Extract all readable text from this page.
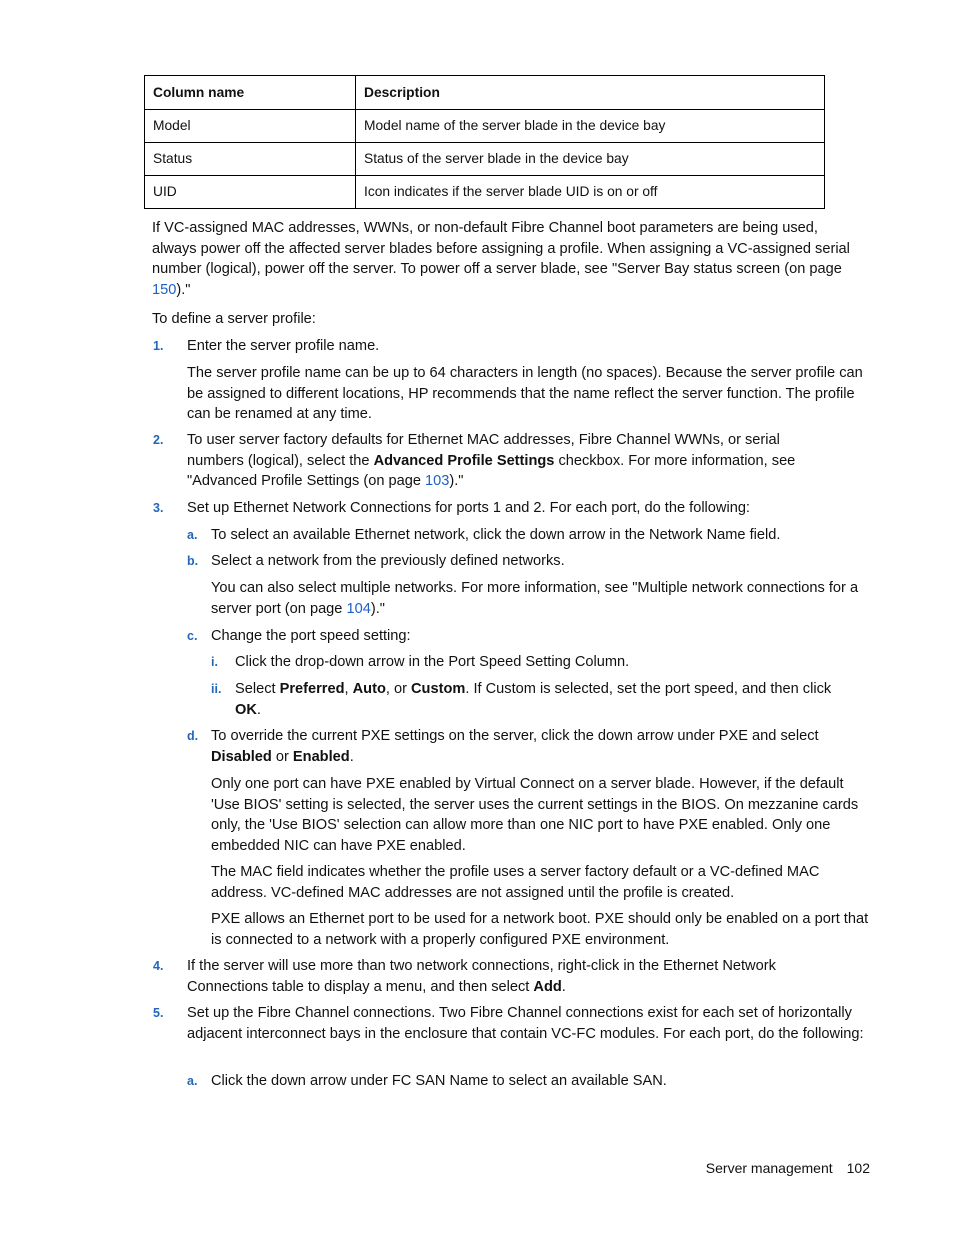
Column name	Description
Model	Model name of the server blade in the device bay
Status	Status of the server blade in the device bay
UID	Icon indicates if the server blade UID is on or off

If VC-assigned MAC addresses, WWNs, or non-default Fibre Channel boot parameters are being used, always power off the affected server blades before assigning a profile. When assigning a VC-assigned serial number (logical), power off the server. To power off a server blade, see "Server Bay status screen (on page 150)."

To define a server profile:

1. Enter the server profile name.

The server profile name can be up to 64 characters in length (no spaces). Because the server profile can be assigned to different locations, HP recommends that the name reflect the server function. The profile can be renamed at any time.

2. To user server factory defaults for Ethernet MAC addresses, Fibre Channel WWNs, or serial numbers (logical), select the Advanced Profile Settings checkbox. For more information, see "Advanced Profile Settings (on page 103)."

3. Set up Ethernet Network Connections for ports 1 and 2. For each port, do the following:

a. To select an available Ethernet network, click the down arrow in the Network Name field.

b. Select a network from the previously defined networks.

You can also select multiple networks. For more information, see "Multiple network connections for a server port (on page 104)."

c. Change the port speed setting:

i. Click the drop-down arrow in the Port Speed Setting Column.

ii. Select Preferred, Auto, or Custom. If Custom is selected, set the port speed, and then click OK.

d. To override the current PXE settings on the server, click the down arrow under PXE and select Disabled or Enabled.

Only one port can have PXE enabled by Virtual Connect on a server blade. However, if the default 'Use BIOS' setting is selected, the server uses the current settings in the BIOS. On mezzanine cards only, the 'Use BIOS' selection can allow more than one NIC port to have PXE enabled. Only one embedded NIC can have PXE enabled.

The MAC field indicates whether the profile uses a server factory default or a VC-defined MAC address. VC-defined MAC addresses are not assigned until the profile is created.

PXE allows an Ethernet port to be used for a network boot. PXE should only be enabled on a port that is connected to a network with a properly configured PXE environment.

4. If the server will use more than two network connections, right-click in the Ethernet Network Connections table to display a menu, and then select Add.

5. Set up the Fibre Channel connections. Two Fibre Channel connections exist for each set of horizontally adjacent interconnect bays in the enclosure that contain VC-FC modules. For each port, do the following:

a. Click the down arrow under FC SAN Name to select an available SAN.

Server management 102
